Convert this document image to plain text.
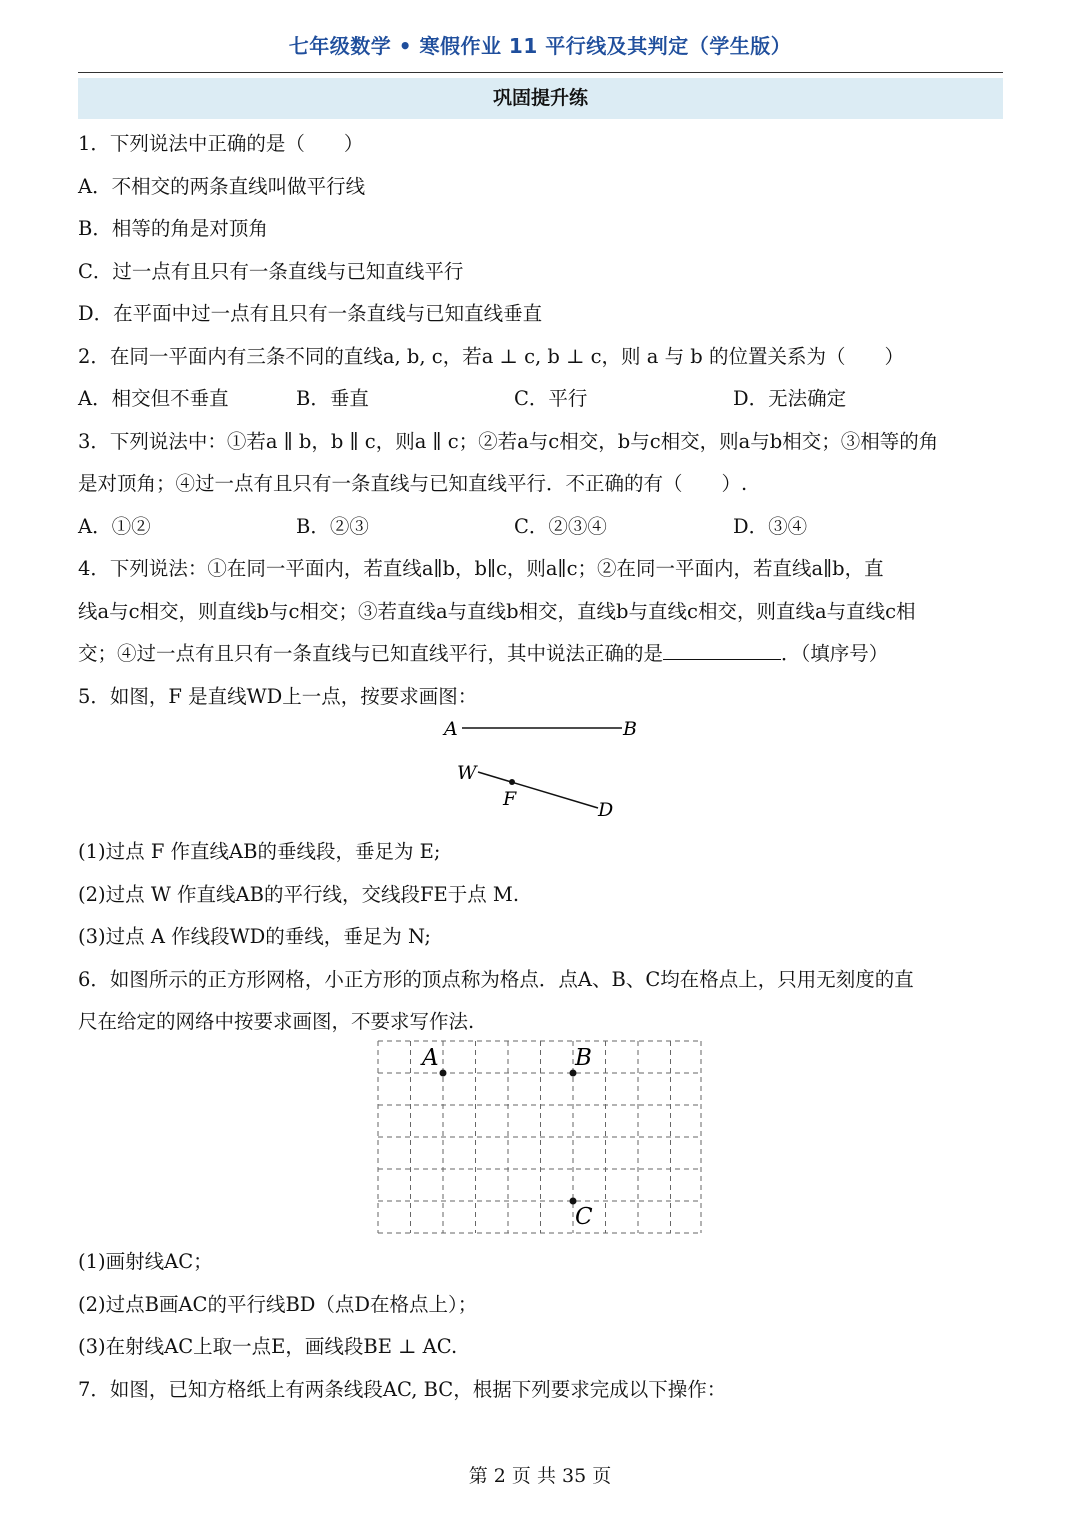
七年级数学 • 寒假作业 11 平行线及其判定（学生版）
巩固提升练
1．下列说法中正确的是（　　）
A．不相交的两条直线叫做平行线
B．相等的角是对顶角
C．过一点有且只有一条直线与已知直线平行
D．在平面中过一点有且只有一条直线与已知直线垂直
2．在同一平面内有三条不同的直线a, b, c，若a ⊥ c, b ⊥ c，则 a 与 b 的位置关系为（　　）
A．相交但不垂直	B．垂直	C．平行	D．无法确定
3．下列说法中：①若a ∥ b，b ∥ c，则a ∥ c；②若a与c相交，b与c相交，则a与b相交；③相等的角
是对顶角；④过一点有且只有一条直线与已知直线平行．不正确的有（　　）.
A．①②	B．②③	C．②③④	D．③④
4．下列说法：①在同一平面内，若直线a∥b，b∥c，则a∥c；②在同一平面内，若直线a∥b，直
线a与c相交，则直线b与c相交；③若直线a与直线b相交，直线b与直线c相交，则直线a与直线c相
交；④过一点有且只有一条直线与已知直线平行，其中说法正确的是	．（填序号）
5．如图，F 是直线WD上一点，按要求画图：
A	B
W
F	D
(1)过点 F 作直线AB的垂线段，垂足为 E;
(2)过点 W 作直线AB的平行线，交线段FE于点 M.
(3)过点 A 作线段WD的垂线，垂足为 N;
6．如图所示的正方形网格，小正方形的顶点称为格点．点A、B、C均在格点上，只用无刻度的直
尺在给定的网络中按要求画图，不要求写作法.
A	B
C
(1)画射线AC；
(2)过点B画AC的平行线BD（点D在格点上）；
(3)在射线AC上取一点E，画线段BE ⊥ AC.
7．如图，已知方格纸上有两条线段AC, BC，根据下列要求完成以下操作：
第 2 页 共 35 页
